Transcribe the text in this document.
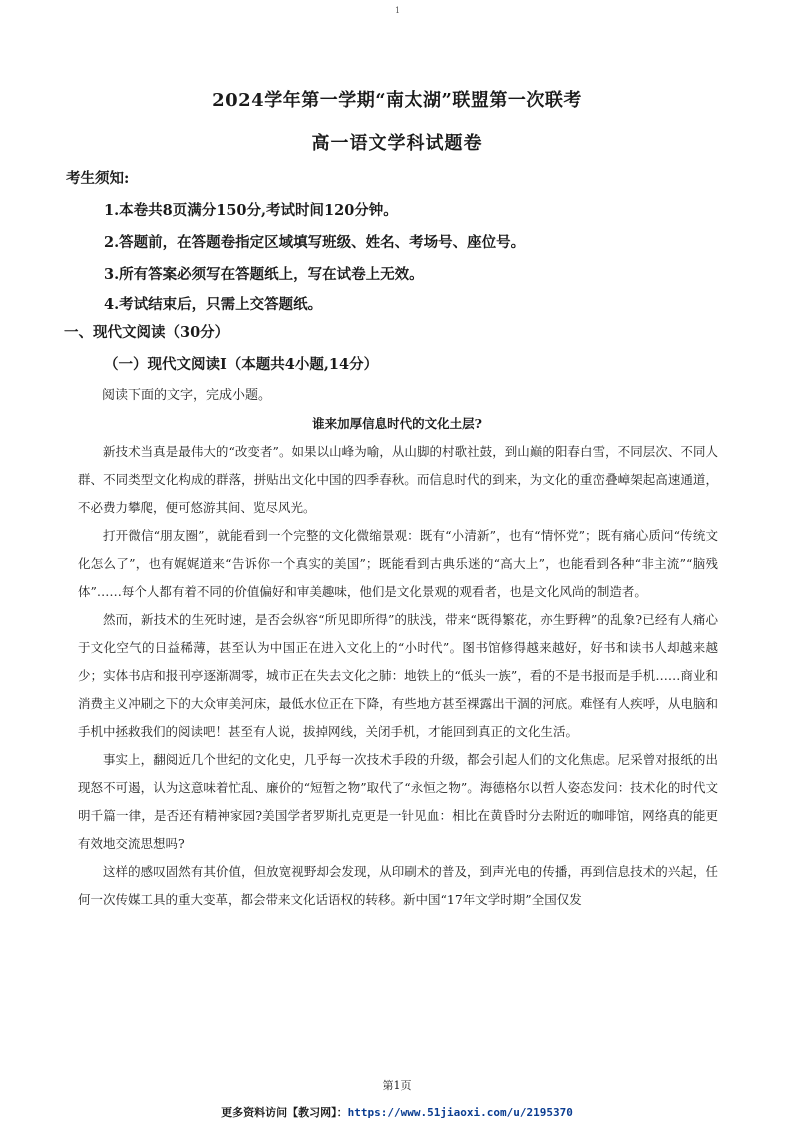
1
2024学年第一学期“南太湖”联盟第一次联考
高一语文学科试题卷
考生须知:
1.本卷共8页满分150分,考试时间120分钟。
2.答题前，在答题卷指定区域填写班级、姓名、考场号、座位号。
3.所有答案必须写在答题纸上，写在试卷上无效。
4.考试结束后，只需上交答题纸。
一、现代文阅读（30分）
（一）现代文阅读Ⅰ（本题共4小题,14分）
阅读下面的文字，完成小题。
谁来加厚信息时代的文化土层?

新技术当真是最伟大的“改变者”。如果以山峰为喻，从山脚的村歌社鼓，到山巅的阳春白雪，不同层次、不同人群、不同类型文化构成的群落，拼贴出文化中国的四季春秋。而信息时代的到来，为文化的重峦叠嶂架起高速通道，不必费力攀爬，便可悠游其间、览尽风光。

打开微信“朋友圈”，就能看到一个完整的文化微缩景观：既有“小清新”，也有“情怀党”；既有痛心质问“传统文化怎么了”，也有娓娓道来“告诉你一个真实的美国”；既能看到古典乐迷的“高大上”，也能看到各种“非主流”“脑残体”……每个人都有着不同的价值偏好和审美趣味，他们是文化景观的观看者，也是文化风尚的制造者。

然而，新技术的生死时速，是否会纵容“所见即所得”的肤浅，带来“既得繁花，亦生野稗”的乱象?已经有人痛心于文化空气的日益稀薄，甚至认为中国正在进入文化上的“小时代”。图书馆修得越来越好，好书和读书人却越来越少；实体书店和报刊亭逐渐凋零，城市正在失去文化之肺：地铁上的“低头一族”，看的不是书报而是手机……商业和消费主义冲刷之下的大众审美河床，最低水位正在下降，有些地方甚至裸露出干涸的河底。难怪有人疾呼，从电脑和手机中拯救我们的阅读吧！甚至有人说，拔掉网线，关闭手机，才能回到真正的文化生活。

事实上，翻阅近几个世纪的文化史，几乎每一次技术手段的升级，都会引起人们的文化焦虑。尼采曾对报纸的出现怒不可遏，认为这意味着忙乱、廉价的“短暂之物”取代了“永恒之物”。海德格尔以哲人姿态发问：技术化的时代文明千篇一律，是否还有精神家园?美国学者罗斯扎克更是一针见血：相比在黄昏时分去附近的咖啡馆，网络真的能更有效地交流思想吗?

这样的感叹固然有其价值，但放宽视野却会发现，从印刷术的普及，到声光电的传播，再到信息技术的兴起，任何一次传媒工具的重大变革，都会带来文化话语权的转移。新中国“17年文学时期”全国仅发

第1页
更多资料访问【教习网】：https://www.51jiaoxi.com/u/2195370
